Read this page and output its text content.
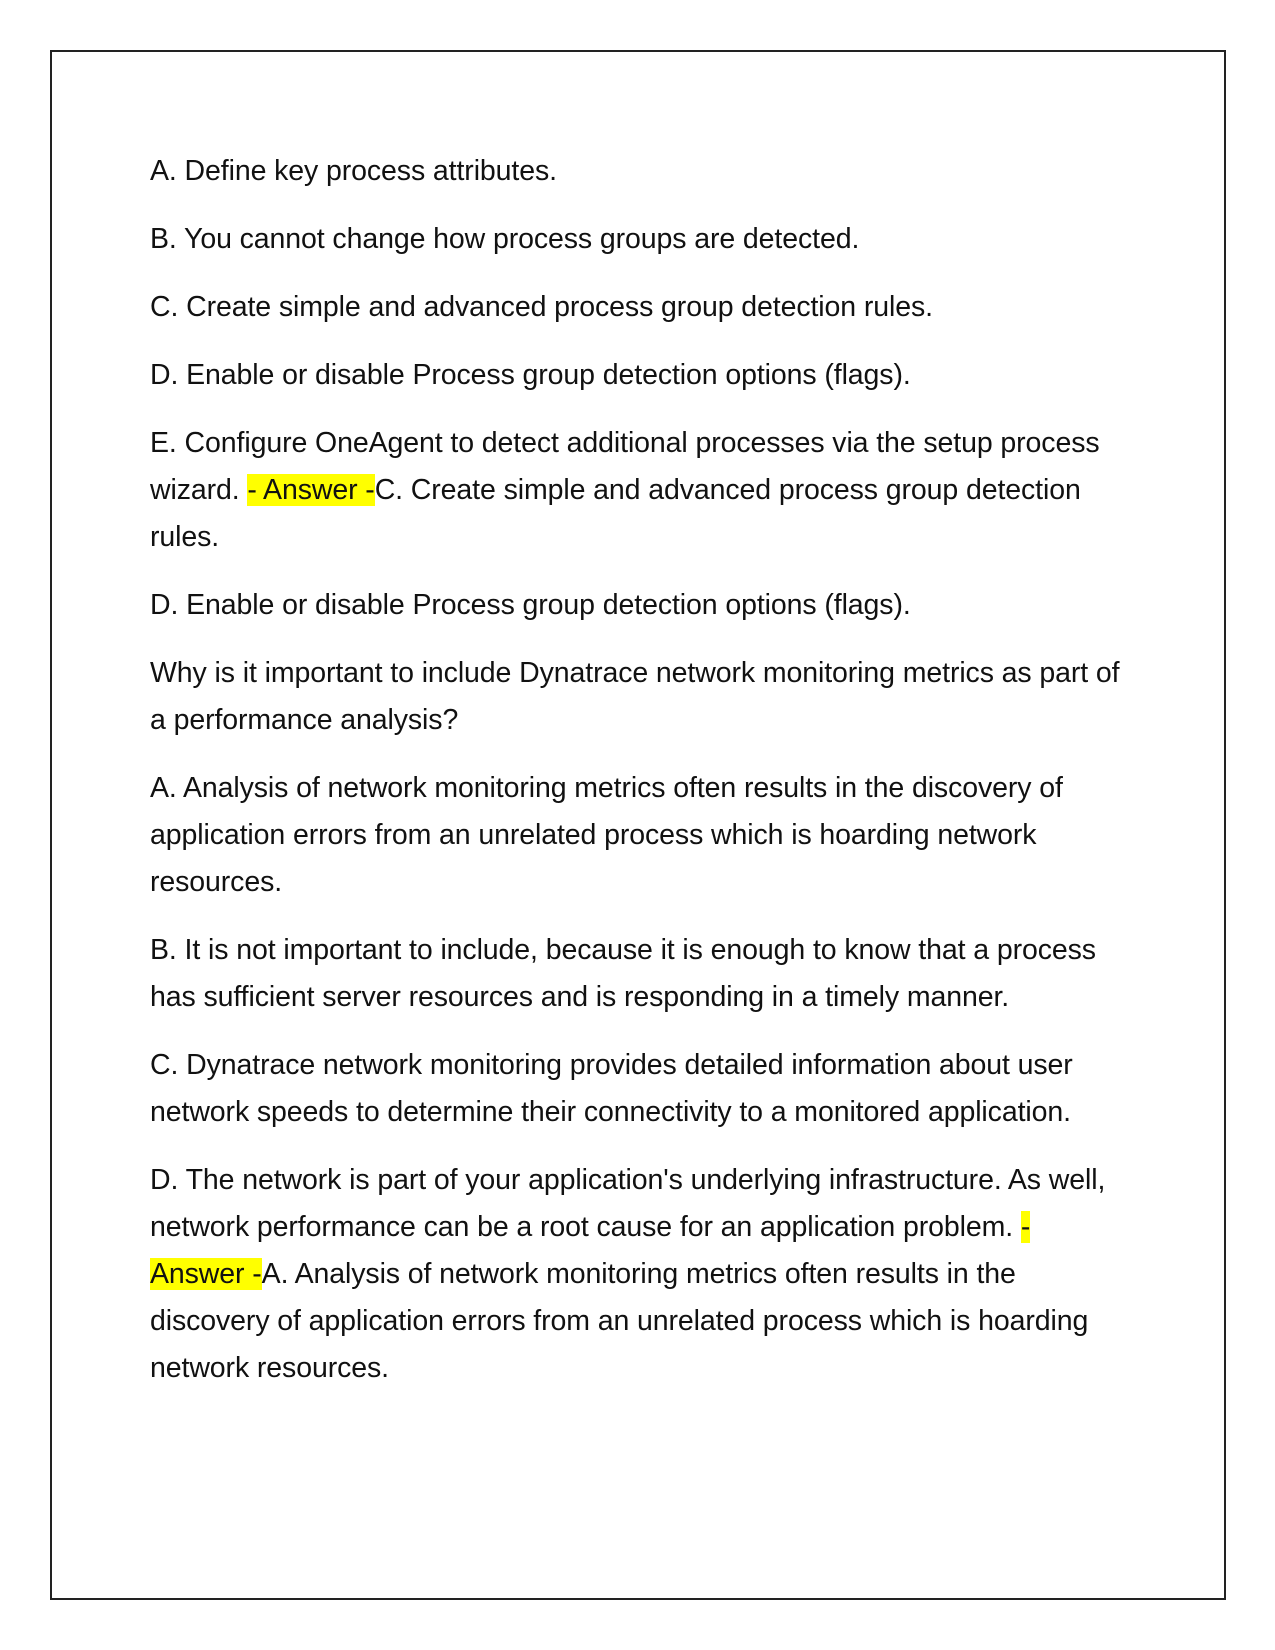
A. Define key process attributes.

B. You cannot change how process groups are detected.

C. Create simple and advanced process group detection rules.

D. Enable or disable Process group detection options (flags).

E. Configure OneAgent to detect additional processes via the setup process wizard. - Answer -C. Create simple and advanced process group detection rules.

D. Enable or disable Process group detection options (flags).

Why is it important to include Dynatrace network monitoring metrics as part of a performance analysis?

A. Analysis of network monitoring metrics often results in the discovery of application errors from an unrelated process which is hoarding network resources.

B. It is not important to include, because it is enough to know that a process has sufficient server resources and is responding in a timely manner.

C. Dynatrace network monitoring provides detailed information about user network speeds to determine their connectivity to a monitored application.

D. The network is part of your application's underlying infrastructure. As well, network performance can be a root cause for an application problem. - Answer -A. Analysis of network monitoring metrics often results in the discovery of application errors from an unrelated process which is hoarding network resources.
